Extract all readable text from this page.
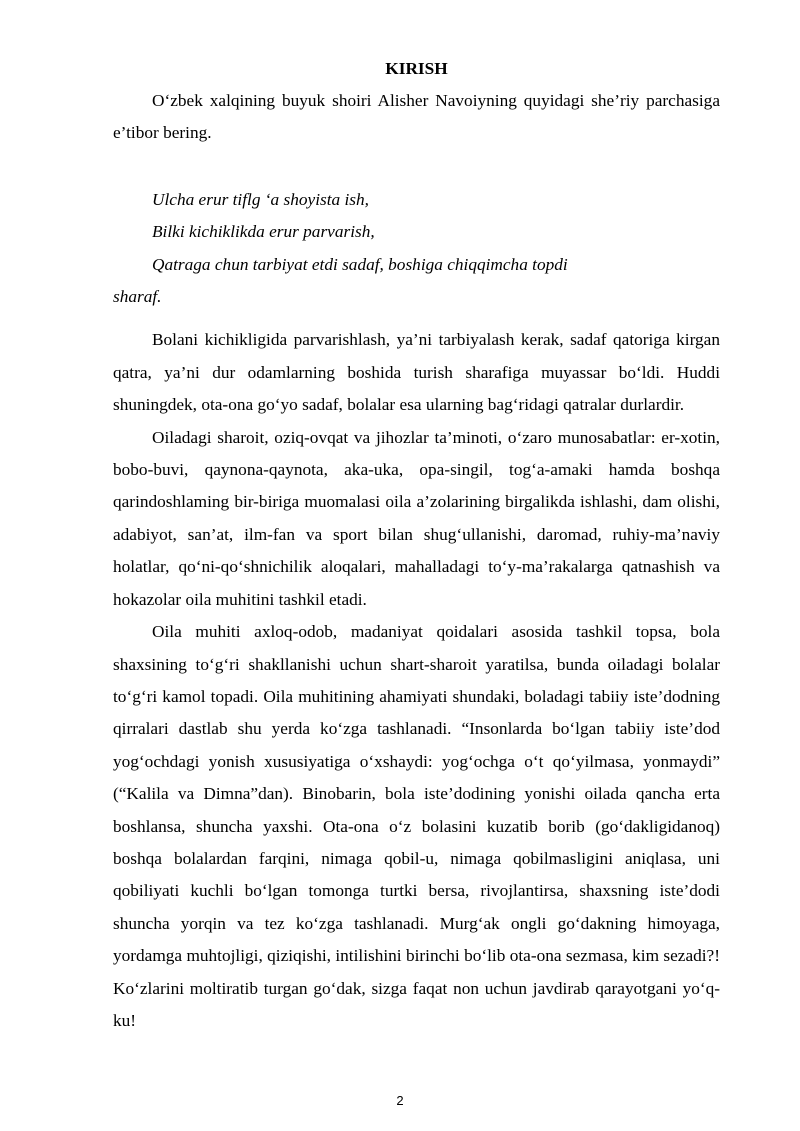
KIRISH

O‘zbek xalqining buyuk shoiri Alisher Navoiyning quyidagi she’riy parchasiga e’tibor bering.

Ulcha erur tiflg ‘a shoyista ish,
Bilki kichiklikda erur parvarish,
Qatraga chun tarbiyat etdi sadaf, boshiga chiqqimcha topdi sharaf.

Bolani kichikligida parvarishlash, ya’ni tarbiyalash kerak, sadaf qatoriga kirgan qatra, ya’ni dur odamlarning boshida turish sharafiga muyassar bo‘ldi. Huddi shuningdek, ota-ona go‘yo sadaf, bolalar esa ularning bag‘ridagi qatralar durlardir.

Oiladagi sharoit, oziq-ovqat va jihozlar ta’minoti, o‘zaro munosabatlar: er-xotin, bobo-buvi, qaynona-qaynota, aka-uka, opa-singil, tog‘a-amaki hamda boshqa qarindoshlaming bir-biriga muomalasi oila a’zolarining birgalikda ishlashi, dam olishi, adabiyot, san’at, ilm-fan va sport bilan shug‘ullanishi, daromad, ruhiy-ma’naviy holatlar, qo‘ni-qo‘shnichilik aloqalari, mahalladagi to‘y-ma’rakalarga qatnashish va hokazolar oila muhitini tashkil etadi.

Oila muhiti axloq-odob, madaniyat qoidalari asosida tashkil topsa, bola shaxsining to‘g‘ri shakllanishi uchun shart-sharoit yaratilsa, bunda oiladagi bolalar to‘g‘ri kamol topadi. Oila muhitining ahamiyati shundaki, boladagi tabiiy iste’dodning qirralari dastlab shu yerda ko‘zga tashlanadi. “Insonlarda bo‘lgan tabiiy iste’dod yog‘ochdagi yonish xususiyatiga o‘xshaydi: yog‘ochga o‘t qo‘yilmasa, yonmaydi” (“Kalila va Dimna”dan). Binobarin, bola iste’dodining yonishi oilada qancha erta boshlansa, shuncha yaxshi. Ota-ona o‘z bolasini kuzatib borib (go‘dakligidanoq) boshqa bolalardan farqini, nimaga qobil-u, nimaga qobilmasligini aniqlasa, uni qobiliyati kuchli bo‘lgan tomonga turtki bersa, rivojlantirsa, shaxsning iste’dodi shuncha yorqin va tez ko‘zga tashlanadi. Murg‘ak ongli go‘dakning himoyaga, yordamga muhtojligi, qiziqishi, intilishini birinchi bo‘lib ota-ona sezmasa, kim sezadi?! Ko‘zlarini moltiratib turgan go‘dak, sizga faqat non uchun javdirab qarayotgani yo‘q-ku!

2
